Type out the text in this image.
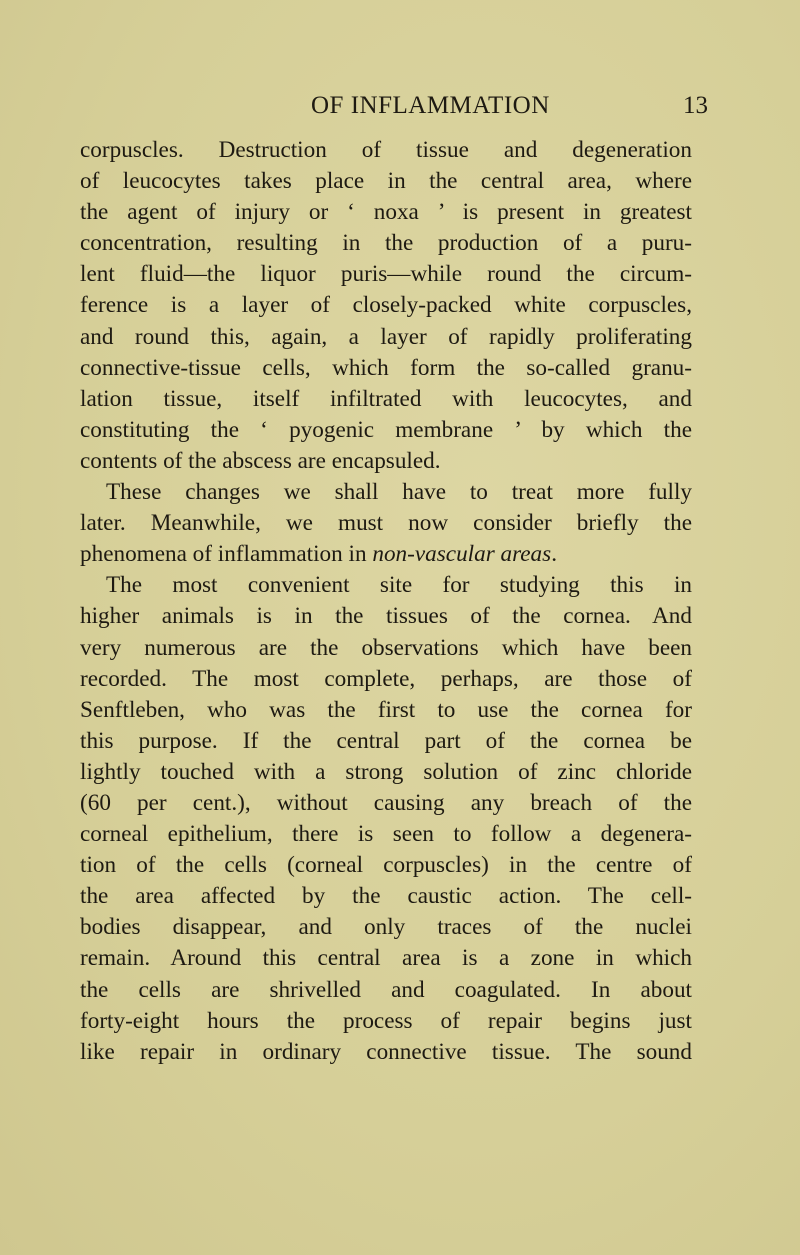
OF INFLAMMATION	13
corpuscles. Destruction of tissue and degeneration
of leucocytes takes place in the central area, where
the agent of injury or ‘ noxa ’ is present in greatest
concentration, resulting in the production of a puru-
lent fluid—the liquor puris—while round the circum-
ference is a layer of closely-packed white corpuscles,
and round this, again, a layer of rapidly proliferating
connective-tissue cells, which form the so-called granu-
lation tissue, itself infiltrated with leucocytes, and
constituting the ‘ pyogenic membrane ’ by which the
contents of the abscess are encapsuled.
These changes we shall have to treat more fully
later. Meanwhile, we must now consider briefly the
phenomena of inflammation in non-vascular areas.
The most convenient site for studying this in
higher animals is in the tissues of the cornea. And
very numerous are the observations which have been
recorded. The most complete, perhaps, are those of
Senftleben, who was the first to use the cornea for
this purpose. If the central part of the cornea be
lightly touched with a strong solution of zinc chloride
(60 per cent.), without causing any breach of the
corneal epithelium, there is seen to follow a degenera-
tion of the cells (corneal corpuscles) in the centre of
the area affected by the caustic action. The cell-
bodies disappear, and only traces of the nuclei
remain. Around this central area is a zone in which
the cells are shrivelled and coagulated. In about
forty-eight hours the process of repair begins just
like repair in ordinary connective tissue. The sound
